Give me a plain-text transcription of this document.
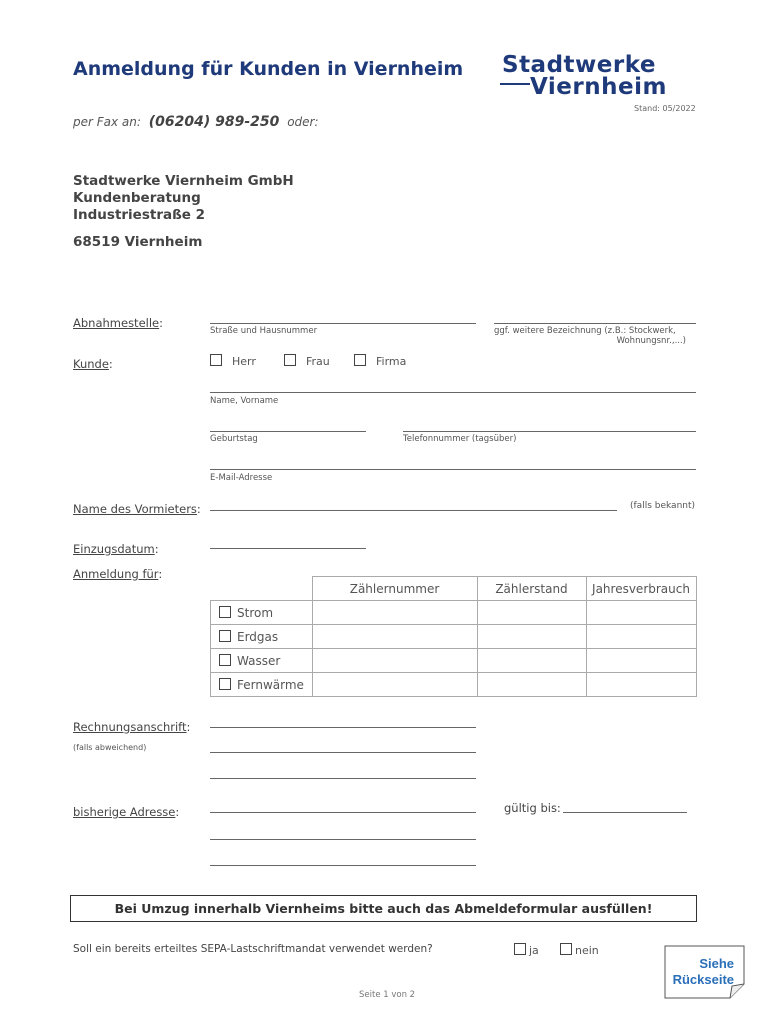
Anmeldung für Kunden in Viernheim Stadtwerke
Viernheim
Stand: 05/2022
per Fax an: (06204) 989-250 oder:
Stadtwerke Viernheim GmbH
Kundenberatung
Industriestraße 2
68519 Viernheim
Abnahmestelle:
Straße und Hausnummer	ggf. weitere Bezeichnung (z.B.: Stockwerk,
Wohnungsnr.,...)
Kunde:	Herr	Frau	Firma
Name, Vorname
Geburtstag	Telefonnummer (tagsüber)
E-Mail-Adresse
Name des Vormieters:	(falls bekannt)
Einzugsdatum:
Anmeldung für:
	Zählernummer	Zählerstand	Jahresverbrauch
Strom			
Erdgas			
Wasser			
Fernwärme			
Rechnungsanschrift:
(falls abweichend)
bisherige Adresse:	gültig bis:
Bei Umzug innerhalb Viernheims bitte auch das Abmeldeformular ausfüllen!
Soll ein bereits erteiltes SEPA-Lastschriftmandat verwendet werden?	ja	nein
Seite 1 von 2
Siehe
Rückseite
